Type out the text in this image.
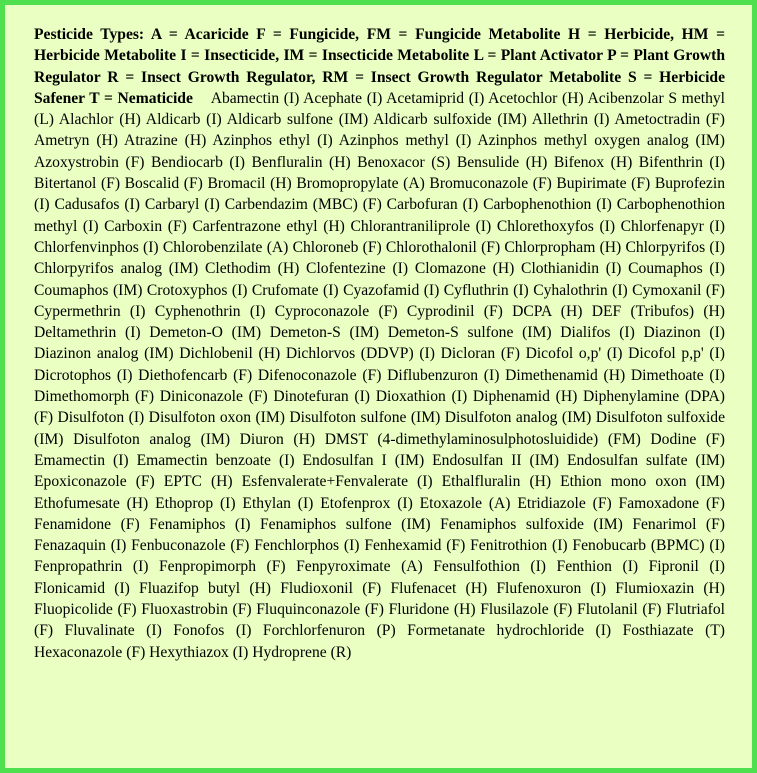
Pesticide Types: A = Acaricide F = Fungicide, FM = Fungicide Metabolite H = Herbicide, HM = Herbicide Metabolite I = Insecticide, IM = Insecticide Metabolite L = Plant Activator P = Plant Growth Regulator R = Insect Growth Regulator, RM = Insect Growth Regulator Metabolite S = Herbicide Safener T = Nematicide Abamectin (I) Acephate (I) Acetamiprid (I) Acetochlor (H) Acibenzolar S methyl (L) Alachlor (H) Aldicarb (I) Aldicarb sulfone (IM) Aldicarb sulfoxide (IM) Allethrin (I) Ametoctradin (F) Ametryn (H) Atrazine (H) Azinphos ethyl (I) Azinphos methyl (I) Azinphos methyl oxygen analog (IM) Azoxystrobin (F) Bendiocarb (I) Benfluralin (H) Benoxacor (S) Bensulide (H) Bifenox (H) Bifenthrin (I) Bitertanol (F) Boscalid (F) Bromacil (H) Bromopropylate (A) Bromuconazole (F) Bupirimate (F) Buprofezin (I) Cadusafos (I) Carbaryl (I) Carbendazim (MBC) (F) Carbofuran (I) Carbophenothion (I) Carbophenothion methyl (I) Carboxin (F) Carfentrazone ethyl (H) Chlorantraniliprole (I) Chlorethoxyfos (I) Chlorfenapyr (I) Chlorfenvinphos (I) Chlorobenzilate (A) Chloroneb (F) Chlorothalonil (F) Chlorpropham (H) Chlorpyrifos (I) Chlorpyrifos analog (IM) Clethodim (H) Clofentezine (I) Clomazone (H) Clothianidin (I) Coumaphos (I) Coumaphos (IM) Crotoxyphos (I) Crufomate (I) Cyazofamid (I) Cyfluthrin (I) Cyhalothrin (I) Cymoxanil (F) Cypermethrin (I) Cyphenothrin (I) Cyproconazole (F) Cyprodinil (F) DCPA (H) DEF (Tribufos) (H) Deltamethrin (I) Demeton-O (IM) Demeton-S (IM) Demeton-S sulfone (IM) Dialifos (I) Diazinon (I) Diazinon analog (IM) Dichlobenil (H) Dichlorvos (DDVP) (I) Dicloran (F) Dicofol o,p' (I) Dicofol p,p' (I) Dicrotophos (I) Diethofencarb (F) Difenoconazole (F) Diflubenzuron (I) Dimethenamid (H) Dimethoate (I) Dimethomorph (F) Diniconazole (F) Dinotefuran (I) Dioxathion (I) Diphenamid (H) Diphenylamine (DPA) (F) Disulfoton (I) Disulfoton oxon (IM) Disulfoton sulfone (IM) Disulfoton analog (IM) Disulfoton sulfoxide (IM) Disulfoton analog (IM) Diuron (H) DMST (4-dimethylaminosulphotosluidide) (FM) Dodine (F) Emamectin (I) Emamectin benzoate (I) Endosulfan I (IM) Endosulfan II (IM) Endosulfan sulfate (IM) Epoxiconazole (F) EPTC (H) Esfenvalerate+Fenvalerate (I) Ethalfluralin (H) Ethion mono oxon (IM) Ethofumesate (H) Ethoprop (I) Ethylan (I) Etofenprox (I) Etoxazole (A) Etridiazole (F) Famoxadone (F) Fenamidone (F) Fenamiphos (I) Fenamiphos sulfone (IM) Fenamiphos sulfoxide (IM) Fenarimol (F) Fenazaquin (I) Fenbuconazole (F) Fenchlorphos (I) Fenhexamid (F) Fenitrothion (I) Fenobucarb (BPMC) (I) Fenpropathrin (I) Fenpropimorph (F) Fenpyroximate (A) Fensulfothion (I) Fenthion (I) Fipronil (I) Flonicamid (I) Fluazifop butyl (H) Fludioxonil (F) Flufenacet (H) Flufenoxuron (I) Flumioxazin (H) Fluopicolide (F) Fluoxastrobin (F) Fluquinconazole (F) Fluridone (H) Flusilazole (F) Flutolanil (F) Flutriafol (F) Fluvalinate (I) Fonofos (I) Forchlorfenuron (P) Formetanate hydrochloride (I) Fosthiazate (T) Hexaconazole (F) Hexythiazox (I) Hydroprene (R)
